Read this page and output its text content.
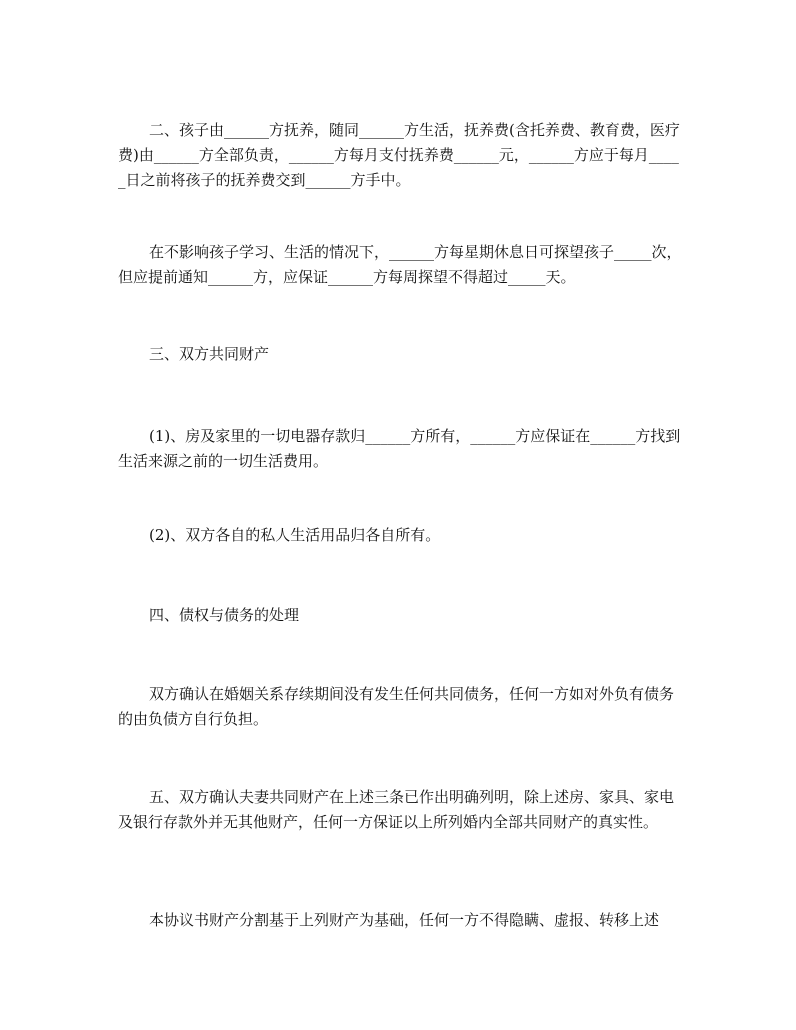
二、孩子由______方抚养，随同______方生活，抚养费(含托养费、教育费，医疗费)由______方全部负责，______方每月支付抚养费______元，______方应于每月_____日之前将孩子的抚养费交到______方手中。

在不影响孩子学习、生活的情况下，______方每星期休息日可探望孩子_____次，但应提前通知______方，应保证______方每周探望不得超过_____天。

三、双方共同财产

(1)、房及家里的一切电器存款归______方所有，______方应保证在______方找到生活来源之前的一切生活费用。

(2)、双方各自的私人生活用品归各自所有。

四、债权与债务的处理

双方确认在婚姻关系存续期间没有发生任何共同债务，任何一方如对外负有债务的由负债方自行负担。

五、双方确认夫妻共同财产在上述三条已作出明确列明，除上述房、家具、家电及银行存款外并无其他财产，任何一方保证以上所列婚内全部共同财产的真实性。

本协议书财产分割基于上列财产为基础，任何一方不得隐瞒、虚报、转移上述
